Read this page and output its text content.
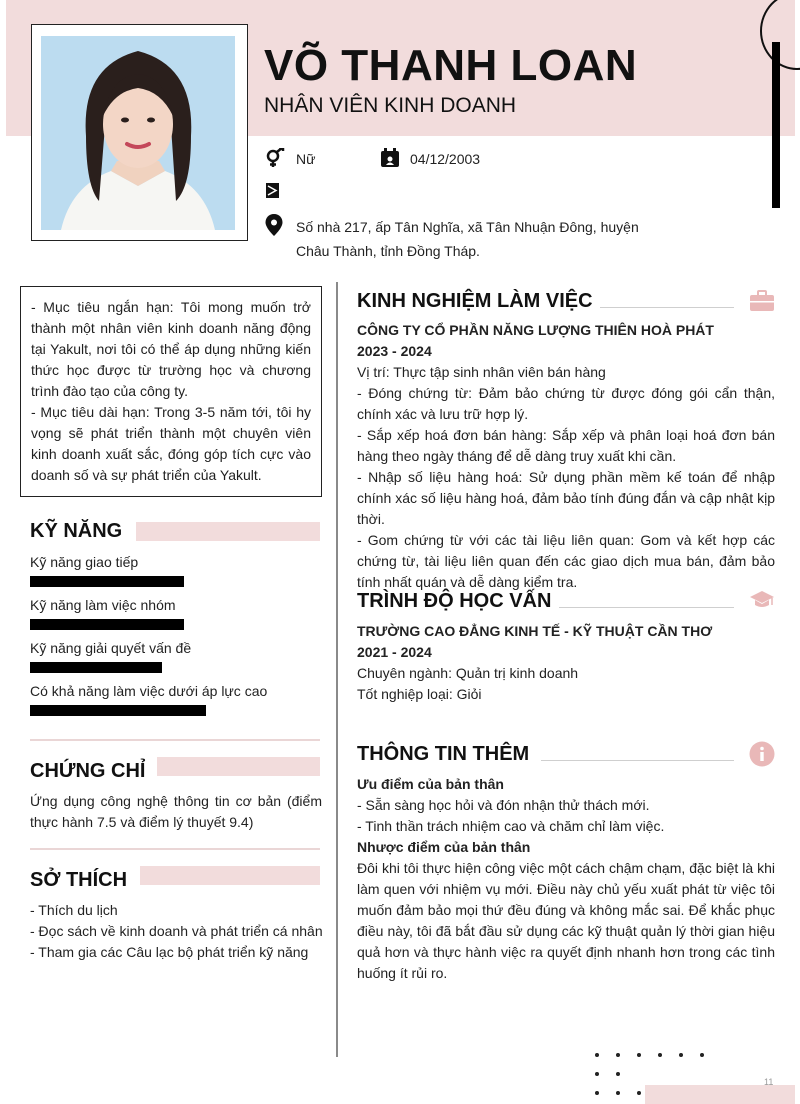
VÕ THANH LOAN
NHÂN VIÊN KINH DOANH
Nữ	04/12/2003
Số nhà 217, ấp Tân Nghĩa, xã Tân Nhuận Đông, huyện Châu Thành, tỉnh Đồng Tháp.

- Mục tiêu ngắn hạn: Tôi mong muốn trở thành một nhân viên kinh doanh năng động tại Yakult, nơi tôi có thể áp dụng những kiến thức học được từ trường học và chương trình đào tạo của công ty.

- Mục tiêu dài hạn: Trong 3-5 năm tới, tôi hy vọng sẽ phát triển thành một chuyên viên kinh doanh xuất sắc, đóng góp tích cực vào doanh số và sự phát triển của Yakult.

KỸ NĂNG
Kỹ năng giao tiếp
Kỹ năng làm việc nhóm
Kỹ năng giải quyết vấn đề
Có khả năng làm việc dưới áp lực cao
CHỨNG CHỈ
Ứng dụng công nghệ thông tin cơ bản (điểm thực hành 7.5 và điểm lý thuyết 9.4)
SỞ THÍCH
- Thích du lịch
- Đọc sách về kinh doanh và phát triển cá nhân
- Tham gia các Câu lạc bộ phát triển kỹ năng
KINH NGHIỆM LÀM VIỆC
CÔNG TY CỔ PHẦN NĂNG LƯỢNG THIÊN HOÀ PHÁT
2023 - 2024
Vị trí: Thực tập sinh nhân viên bán hàng
- Đóng chứng từ: Đảm bảo chứng từ được đóng gói cẩn thận, chính xác và lưu trữ hợp lý.
- Sắp xếp hoá đơn bán hàng: Sắp xếp và phân loại hoá đơn bán hàng theo ngày tháng để dễ dàng truy xuất khi cần.
- Nhập số liệu hàng hoá: Sử dụng phần mềm kế toán để nhập chính xác số liệu hàng hoá, đảm bảo tính đúng đắn và cập nhật kịp thời.
- Gom chứng từ với các tài liệu liên quan: Gom và kết hợp các chứng từ, tài liệu liên quan đến các giao dịch mua bán, đảm bảo tính nhất quán và dễ dàng kiểm tra.
TRÌNH ĐỘ HỌC VẤN
TRƯỜNG CAO ĐẲNG KINH TẾ - KỸ THUẬT CẦN THƠ
2021 - 2024
Chuyên ngành: Quản trị kinh doanh
Tốt nghiệp loại: Giỏi
THÔNG TIN THÊM
Ưu điểm của bản thân
- Sẵn sàng học hỏi và đón nhận thử thách mới.
- Tinh thần trách nhiệm cao và chăm chỉ làm việc.
Nhược điểm của bản thân
Đôi khi tôi thực hiện công việc một cách chậm chạm, đặc biệt là khi làm quen với nhiệm vụ mới. Điều này chủ yếu xuất phát từ việc tôi muốn đảm bảo mọi thứ đều đúng và không mắc sai. Để khắc phục điều này, tôi đã bắt đầu sử dụng các kỹ thuật quản lý thời gian hiệu quả hơn và thực hành việc ra quyết định nhanh hơn trong các tình huống ít rủi ro.
11
